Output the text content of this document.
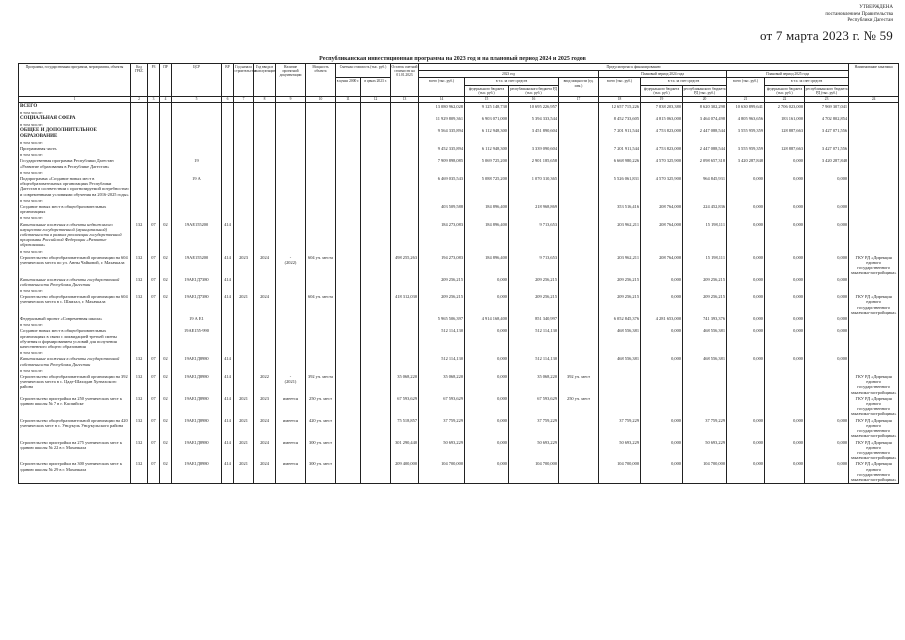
УТВЕРЖДЕНА
постановлением Правительства
Республики Дагестан
от 7 марта 2023 г. № 59
Республиканская инвестиционная программа на 2023 год и на плановый период 2024 и 2025 годов
Программа, государственная программа, мероприятия, объекты	Код ГРБС	РЗ	ПР	ЦСР	ВР	Год начала строительства	Год ввода в эксплуатацию	Наличие проектной документации	Мощность объекта	Сметная стоимость (тыс. руб.)		Остаток сметной стоимости на 01.01.2023	Предусмотрено к финансированию										Наименование заказчика
													2023 год				Плановый период 2024 года			Плановый период 2025 года			
										в ценах 2000 г.	в ценах 2023 г.		всего (тыс. руб.)	в т.ч. за счет средств		ввод мощности (ед. изм.)	всего (тыс. руб.)	в т.ч. за счет средств		всего (тыс. руб.)	в т.ч. за счет средств		
														федерального бюджета (тыс. руб.)	республиканского бюджета РД (тыс. руб.)			федерального бюджета (тыс. руб.)	республиканского бюджета РД (тыс. руб.)		федерального бюджета (тыс. руб.)	республиканского бюджета РД (тыс. руб.)	
1	2	3	4	5	6	7	8	9	10	11	12	13	14	15	16	17	18	19	20	21	22	23	24
ВСЕГО													13 080 962,028	9 125 148,730	10 695 226,957		12 657 715,226	7 838 203,380	8 620 302,298	10 630 899,641	2 706 023,000	7 969 307,041	
в том числе:																							
СОЦИАЛЬНАЯ СФЕРА													11 929 809,361	6 903 071,000	5 394 333,544		8 452 733,605	4 815 063,000	3 464 074,498	4 805 963,656	183 161,000	4 702 802,854	
в том числе:																							
ОБЩЕЕ И ДОПОЛНИТЕЛЬНОЕ ОБРАЗОВАНИЕ													9 564 335,894	6 112 948,300	3 451 890,604		7 201 911,544	4 753 823,000	2 447 088,544	3 555 959,359	128 887,663	3 427 071,556	
в том числе:																							
Программная часть													9 452 335,894	6 112 948,300	3 339 090,604		7 201 911,544	4 753 823,000	2 447 088,544	3 555 959,359	128 887,663	3 427 071,556	
в том числе:																							
Государственная программа Республики Дагестан «Развитие образования в Республике Дагестан»				19									7 909 898,085	5 069 725,200	2 901 185,658		6 668 980,226	4 570 325,900	2 098 657,318	3 420 287,848	0,000	3 420 287,848	
в том числе:																							
Подпрограмма «Создание новых мест в общеобразовательных организациях Республики Дагестан в соответствии с прогнозируемой потребностью и современными условиями обучения на 2016-2025 годы»				19 А									6 469 035,543	5 088 725,200	1 070 310,365		5 526 061,831	4 570 325,900	964 845,931	0,000	0,000	0,000	
в том числе:																							
Создание новых мест в общеобразовательных организациях													403 509,588	184 896,400	218 968,869		353 516,416	208 764,000	224 452,836	0,000	0,000	0,000	
в том числе:																							
Капитальные вложения в объекты недвижимого имущества государственной (муниципальной) собственности в рамках реализации государственной программы Российской Федерации «Развитие образования»	132	07	02	19АЕ155200	414								184 273,083	184 896,400	9 713,653		203 962,211	208 764,000	15 198,111	0,000	0,000	0,000	
в том числе:																							
Строительство общеобразовательной организации на 604 ученических места по ул. Анны Чайковой, г. Махачкала	132	07	02	19АЕ155200	414	2023	2024	-
(2022)	604 уч. места			498 255,263	194 273,083	184 896,400	9 713,653		203 962,211	208 764,000	15 198,111	0,000	0,000	0,000	ГКУ РД «Дирекция единого государственного заказчика-застройщика»
Капитальные вложения в объекты государственной собственности Республики Дагестан	132	07	02	19АЕ1Д7380	414								209 256,215	0,000	209 256,215		209 256,215	0,000	209 256,215	0,000	0,000	0,000	
в том числе:																							
Строительство общеобразовательной организации на 604 ученических места в с. Шамхал, г. Махачкала	132	07	02	19АЕ1Д7380	414	2021	2024		604 уч. места			418 312,030	209 256,215	0,000	209 256,215		209 256,215	0,000	209 256,215	0,000	0,000	0,000	ГКУ РД «Дирекция единого государственного заказчика-застройщика»
Федеральный проект «Современная школа»				19 А Е1									5 965 506,397	4 914 168,400	851 340,997		6 052 845,376	4 281 653,000	741 393,376	0,000	0,000	0,000	
в том числе:																							
Создание новых мест в общеобразовательных организациях в связи с ликвидацией третьей смены обучения и формированием условий для получения качественного общего образования				19АЕ155-990									512 114,130	0,000	512 114,130		468 556,381	0,000	468 556,381	0,000	0,000	0,000	
в том числе:																							
Капитальные вложения в объекты государственной собственности Республики Дагестан	132	07	02	19АЕ1Д8980	414								512 114,130	0,000	512 114,130		468 556,381	0,000	468 556,381	0,000	0,000	0,000	
в том числе:																							
Строительство общеобразовательной организации на 392 ученических места в с. Цаде-Шахидан Хунзахского района	132	07	02	19АЕ1Д8980	414		2022	-
(2021)	392 уч. места			35 068,220	35 068,220	0,000	35 068,220	392 уч. мест							ГКУ РД «Дирекция единого государственного заказчика-застройщика»
Строительство пристройки на 250 ученических мест к зданию школы № 7 в г. Каспийске	132	07	02	19АЕ1Д8980	414	2021	2023	имеется	250 уч. мест			67 593,629	67 593,629	0,000	67 593,629	250 уч. мест							ГКУ РД «Дирекция единого государственного заказчика-застройщика»
Строительство общеобразовательной организации на 420 ученических мест в с. Унцукуль Унцукульского района	132	07	02	19АЕ1Д8980	414	2021	2024	имеется	420 уч. мест			75 518,857	37 759,229	0,000	37 759,229		37 759,229	0,000	37 759,229	0,000	0,000	0,000	ГКУ РД «Дирекция единого государственного заказчика-застройщика»
Строительство пристройки на 275 ученических мест к зданию школы № 22 в г. Махачкала	132	07	02	19АЕ1Д8980	414	2021	2024	имеется	300 уч. мест			301 290,440	50 693,229	0,000	50 693,229		50 693,229	0,000	50 693,229	0,000	0,000	0,000	ГКУ РД «Дирекция единого государственного заказчика-застройщика»
Строительство пристройки на 300 ученических мест к зданию школы № 29 в г. Махачкала	132	07	02	19АЕ1Д8980	414	2021	2024	имеется	300 уч. мест			209 400,000	104 700,000	0,000	104 700,000		104 700,000	0,000	104 700,000	0,000	0,000	0,000	ГКУ РД «Дирекция единого государственного заказчика-застройщика»
